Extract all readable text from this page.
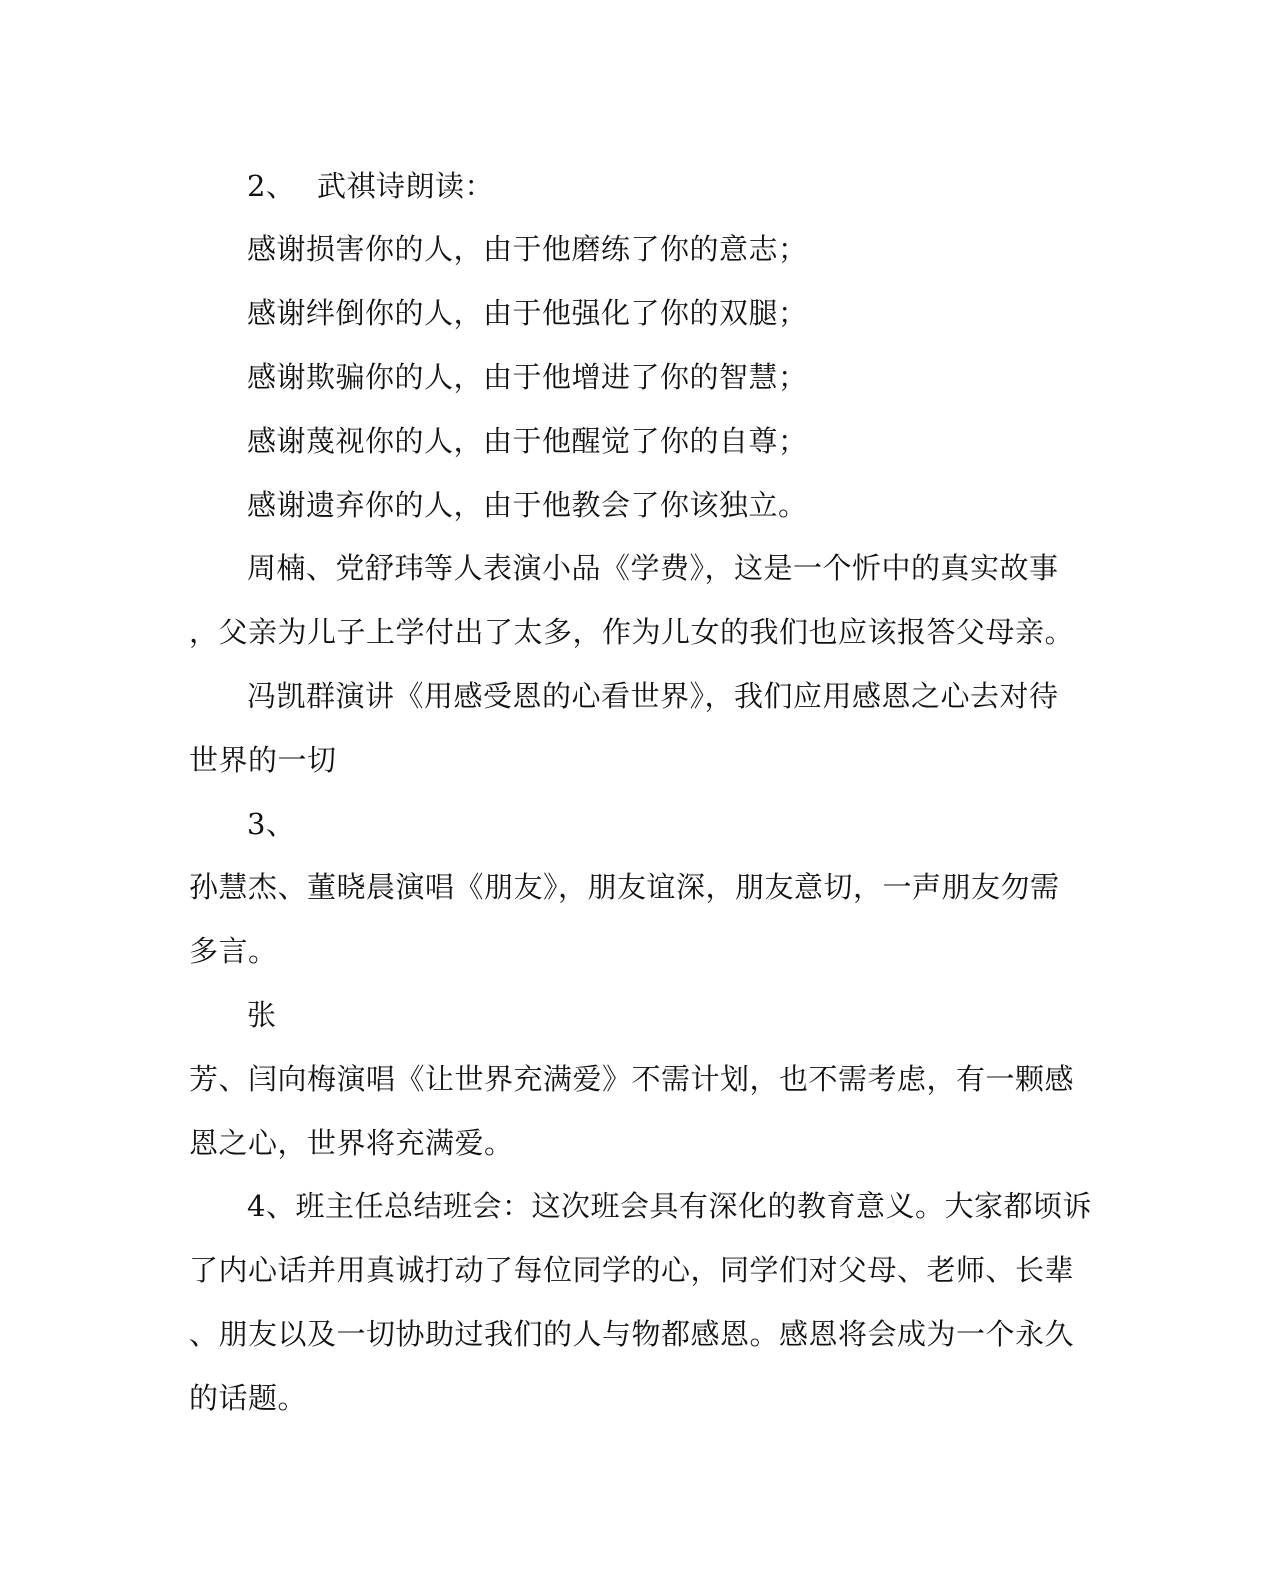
2、 武祺诗朗读：
感谢损害你的人，由于他磨练了你的意志；
感谢绊倒你的人，由于他强化了你的双腿；
感谢欺骗你的人，由于他增进了你的智慧；
感谢蔑视你的人，由于他醒觉了你的自尊；
感谢遗弃你的人，由于他教会了你该独立。
周楠、党舒玮等人表演小品《学费》，这是一个忻中的真实故事
，父亲为儿子上学付出了太多，作为儿女的我们也应该报答父母亲。
冯凯群演讲《用感受恩的心看世界》，我们应用感恩之心去对待
世界的一切
3、
孙慧杰、董晓晨演唱《朋友》，朋友谊深，朋友意切，一声朋友勿需
多言。
张
芳、闫向梅演唱《让世界充满爱》不需计划，也不需考虑，有一颗感
恩之心，世界将充满爱。
4、班主任总结班会：这次班会具有深化的教育意义。大家都顷诉
了内心话并用真诚打动了每位同学的心，同学们对父母、老师、长辈
、朋友以及一切协助过我们的人与物都感恩。感恩将会成为一个永久
的话题。
